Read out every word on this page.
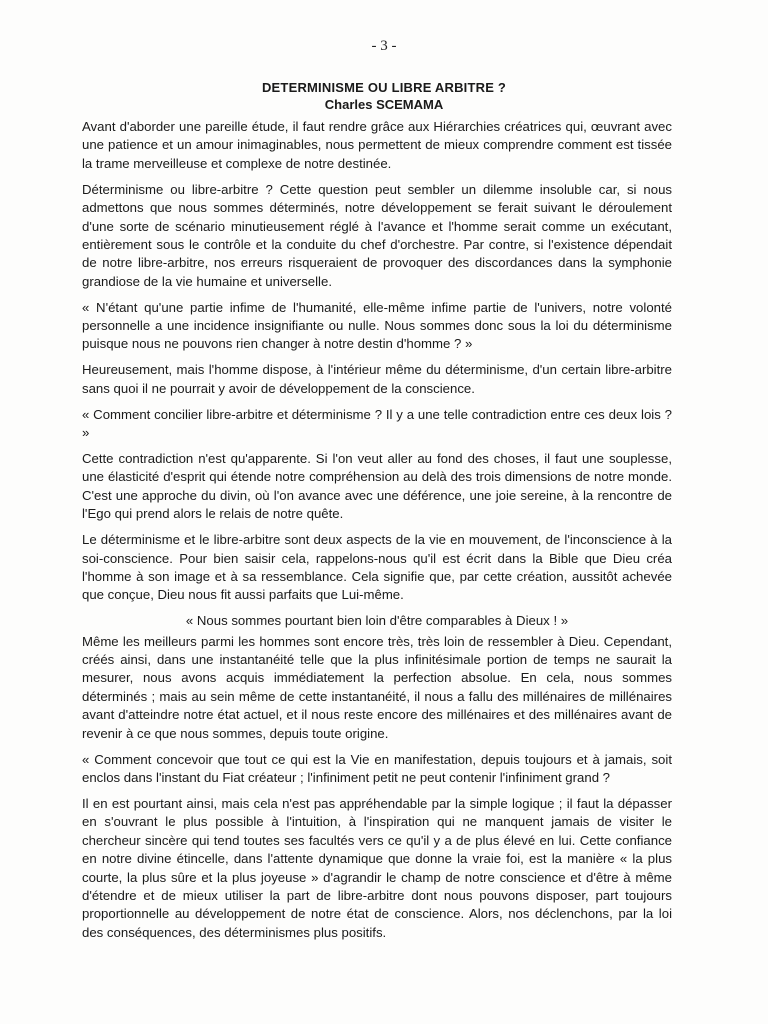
- 3 -
DETERMINISME OU LIBRE ARBITRE ?
Charles SCEMAMA

Avant d'aborder une pareille étude, il faut rendre grâce aux Hiérarchies créatrices qui, œuvrant avec une patience et un amour inimaginables, nous permettent de mieux comprendre comment est tissée la trame merveilleuse et complexe de notre destinée.

Déterminisme ou libre-arbitre ? Cette question peut sembler un dilemme insoluble car, si nous admettons que nous sommes déterminés, notre développement se ferait suivant le déroulement d'une sorte de scénario minutieusement réglé à l'avance et l'homme serait comme un exécutant, entièrement sous le contrôle et la conduite du chef d'orchestre. Par contre, si l'existence dépendait de notre libre-arbitre, nos erreurs risqueraient de provoquer des discordances dans la symphonie grandiose de la vie humaine et universelle.

« N'étant qu'une partie infime de l'humanité, elle-même infime partie de l'univers, notre volonté personnelle a une incidence insignifiante ou nulle. Nous sommes donc sous la loi du déterminisme puisque nous ne pouvons rien changer à notre destin d'homme ? »

Heureusement, mais l'homme dispose, à l'intérieur même du déterminisme, d'un certain libre-arbitre sans quoi il ne pourrait y avoir de développement de la conscience.

« Comment concilier libre-arbitre et déterminisme ? Il y a une telle contradiction entre ces deux lois ? »

Cette contradiction n'est qu'apparente. Si l'on veut aller au fond des choses, il faut une souplesse, une élasticité d'esprit qui étende notre compréhension au delà des trois dimensions de notre monde. C'est une approche du divin, où l'on avance avec une déférence, une joie sereine, à la rencontre de l'Ego qui prend alors le relais de notre quête.

Le déterminisme et le libre-arbitre sont deux aspects de la vie en mouvement, de l'inconscience à la soi-conscience. Pour bien saisir cela, rappelons-nous qu'il est écrit dans la Bible que Dieu créa l'homme à son image et à sa ressemblance. Cela signifie que, par cette création, aussitôt achevée que conçue, Dieu nous fit aussi parfaits que Lui-même.

« Nous sommes pourtant bien loin d'être comparables à Dieux ! »

Même les meilleurs parmi les hommes sont encore très, très loin de ressembler à Dieu. Cependant, créés ainsi, dans une instantanéité telle que la plus infinitésimale portion de temps ne saurait la mesurer, nous avons acquis immédiatement la perfection absolue. En cela, nous sommes déterminés ; mais au sein même de cette instantanéité, il nous a fallu des millénaires de millénaires avant d'atteindre notre état actuel, et il nous reste encore des millénaires et des millénaires avant de revenir à ce que nous sommes, depuis toute origine.

« Comment concevoir que tout ce qui est la Vie en manifestation, depuis toujours et à jamais, soit enclos dans l'instant du Fiat créateur ; l'infiniment petit ne peut contenir l'infiniment grand ?

Il en est pourtant ainsi, mais cela n'est pas appréhendable par la simple logique ; il faut la dépasser en s'ouvrant le plus possible à l'intuition, à l'inspiration qui ne manquent jamais de visiter le chercheur sincère qui tend toutes ses facultés vers ce qu'il y a de plus élevé en lui. Cette confiance en notre divine étincelle, dans l'attente dynamique que donne la vraie foi, est la manière « la plus courte, la plus sûre et la plus joyeuse » d'agrandir le champ de notre conscience et d'être à même d'étendre et de mieux utiliser la part de libre-arbitre dont nous pouvons disposer, part toujours proportionnelle au développement de notre état de conscience. Alors, nos déclenchons, par la loi des conséquences, des déterminismes plus positifs.
